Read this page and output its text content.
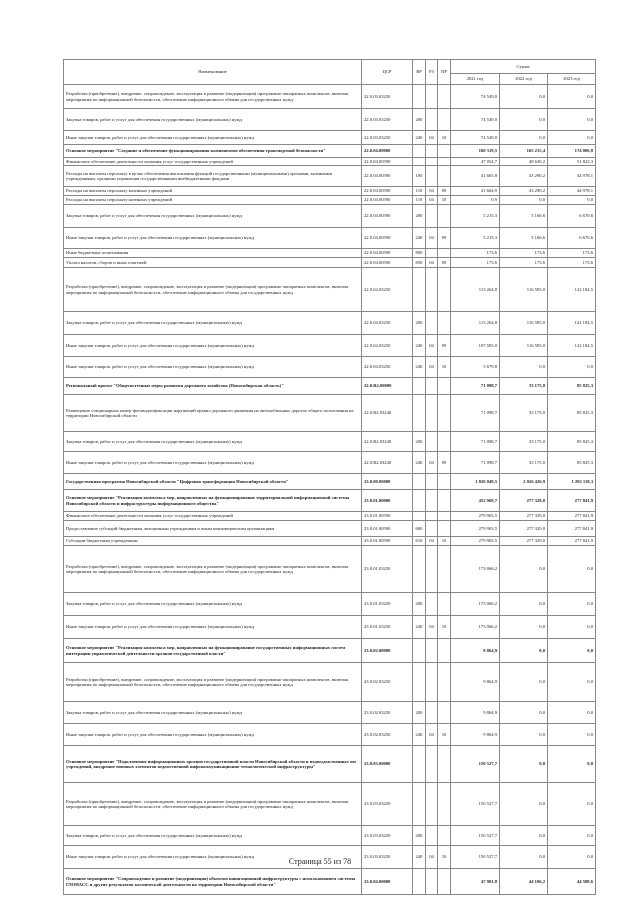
Наименование	ЦСР	ВР	РЗ	ПР	Сумма		
					2021 год	2022 год	2023 год
Разработка (приобретение), внедрение, сопровождение, эксплуатация и развитие (модернизация) программно-аппаратных комплексов, включая мероприятия по информационной безопасности, обеспечение информационного обмена для государственных нужд	22.0.03.03250				74 549,0	0,0	0,0
Закупка товаров, работ и услуг для обеспечения государственных (муниципальных) нужд	22.0.03.03250	200			74 549,0	0,0	0,0
Иные закупки товаров, работ и услуг для обеспечения государственных (муниципальных) нужд	22.0.03.03250	240	04	10	74 549,0	0,0	0,0
Основное мероприятие "Создание и обеспечение функционирования компонентов обеспечения транспортной безопасности"	22.0.04.00000				160 319,5	165 215,4	174 006,8
Финансовое обеспечение деятельности оказания услуг государственных учреждений	22.0.04.00590				47 054,7	48 630,2	51 822,3
Расходы на выплаты персоналу в целях обеспечения выполнения функций государственными (муниципальными) органами, казенными учреждениями, органами управления государственными внебюджетными фондами	22.0.04.00590	100			41 665,8	43 290,2	44 978,1
Расходы на выплаты персоналу казенных учреждений	22.0.04.00590	110	04	09	41 664,9	43 290,2	44 978,1
Расходы на выплаты персоналу казенных учреждений	22.0.04.00590	110	04	10	0,9	0,0	0,0
Закупка товаров, работ и услуг для обеспечения государственных (муниципальных) нужд	22.0.04.00590	200			5 215,3	5 166,6	6 670,6
Иные закупки товаров, работ и услуг для обеспечения государственных (муниципальных) нужд	22.0.04.00590	240	04	09	5 215,3	5 166,6	6 670,6
Иные бюджетные ассигнования	22.0.04.00590	800			173,6	173,6	173,6
Уплата налогов, сборов и иных платежей	22.0.04.00590	850	04	09	173,6	173,6	173,6
Разработка (приобретение), внедрение, сопровождение, эксплуатация и развитие (модернизация) программно-аппаратных комплексов, включая мероприятия по информационной безопасности, обеспечение информационного обмена для государственных нужд	22.0.04.03250				113 264,8	116 585,0	122 184,5
Закупка товаров, работ и услуг для обеспечения государственных (муниципальных) нужд	22.0.04.03250	200			113 264,8	116 585,0	122 184,5
Иные закупки товаров, работ и услуг для обеспечения государственных (муниципальных) нужд	22.0.04.03250	240	04	09	107 585,0	116 585,0	122 184,5
Иные закупки товаров, работ и услуг для обеспечения государственных (муниципальных) нужд	22.0.04.03250	240	04	10	5 679,8	0,0	0,0
Региональный проект "Общесистемные меры развития дорожного хозяйства (Новосибирская область)"	22.0.R2.00000				71 098,7	33 175,0	85 825,3
Размещение стационарных камер фотовидеофиксации нарушений правил дорожного движения на автомобильных дорогах общего пользования на территории Новосибирской области	22.0.R2.03240				71 098,7	33 175,0	85 825,3
Закупка товаров, работ и услуг для обеспечения государственных (муниципальных) нужд	22.0.R2.03240	200			71 098,7	33 175,0	85 825,3
Иные закупки товаров, работ и услуг для обеспечения государственных (муниципальных) нужд	22.0.R2.03240	240	04	09	71 098,7	33 175,0	85 825,3
Государственная программа Новосибирской области "Цифровая трансформация Новосибирской области"	23.0.00.00000				1 826 049,5	2 026 426,9	1 292 118,3
Основное мероприятие "Реализация комплекса мер, направленных на функционирование территориальной информационной системы Новосибирской области и инфраструктуры информационного общества"	23.0.01.00000				452 969,7	277 329,0	277 841,9
Финансовое обеспечение деятельности оказания услуг государственных учреждений	23.0.01.00590				279 903,5	277 329,0	277 841,9
Предоставление субсидий бюджетным, автономным учреждениям и иным некоммерческим организациям	23.0.01.00590	600			279 903,5	277 329,0	277 841,9
Субсидии бюджетным учреждениям	23.0.01.00590	610	04	10	279 903,5	277 329,0	277 841,9
Разработка (приобретение), внедрение, сопровождение, эксплуатация и развитие (модернизация) программно-аппаратных комплексов, включая мероприятия по информационной безопасности, обеспечение информационного обмена для государственных нужд	23.0.01.03250				173 066,2	0,0	0,0
Закупка товаров, работ и услуг для обеспечения государственных (муниципальных) нужд	23.0.01.03250	200			173 066,2	0,0	0,0
Иные закупки товаров, работ и услуг для обеспечения государственных (муниципальных) нужд	23.0.01.03250	240	04	10	173 066,2	0,0	0,0
Основное мероприятие "Реализация комплекса мер, направленных на функционирование государственных информационных систем интеграции управленческой деятельности органов государственной власти"	23.0.02.00000				9 864,9	0,0	0,0
Разработка (приобретение), внедрение, сопровождение, эксплуатация и развитие (модернизация) программно-аппаратных комплексов, включая мероприятия по информационной безопасности, обеспечение информационного обмена для государственных нужд	23.0.02.03250				9 864,9	0,0	0,0
Закупка товаров, работ и услуг для обеспечения государственных (муниципальных) нужд	23.0.02.03250	200			9 864,9	0,0	0,0
Иные закупки товаров, работ и услуг для обеспечения государственных (муниципальных) нужд	23.0.02.03250	240	04	10	9 864,9	0,0	0,0
Основное мероприятие "Подключение информационных органов государственной власти Новосибирской области и подведомственных им учреждений, внедрение типовых элементов ведомственной инфокоммуникационно-технологической инфраструктуры"	23.0.03.00000				150 527,7	0,0	0,0
Разработка (приобретение), внедрение, сопровождение, эксплуатация и развитие (модернизация) программно-аппаратных комплексов, включая мероприятия по информационной безопасности, обеспечение информационного обмена для государственных нужд	23.0.03.03250				150 527,7	0,0	0,0
Закупка товаров, работ и услуг для обеспечения государственных (муниципальных) нужд	23.0.03.03250	200			150 527,7	0,0	0,0
Иные закупки товаров, работ и услуг для обеспечения государственных (муниципальных) нужд	23.0.03.03250	240	04	10	150 527,7	0,0	0,0
Основное мероприятие "Сопровождение и развитие (модернизация) объектов навигационной инфраструктуры с использованием системы ГЛОНАСС и других результатов космической деятельности на территории Новосибирской области"	23.0.04.00000				47 901,8	44 106,2	44 588,6
Страница 55 из 78
